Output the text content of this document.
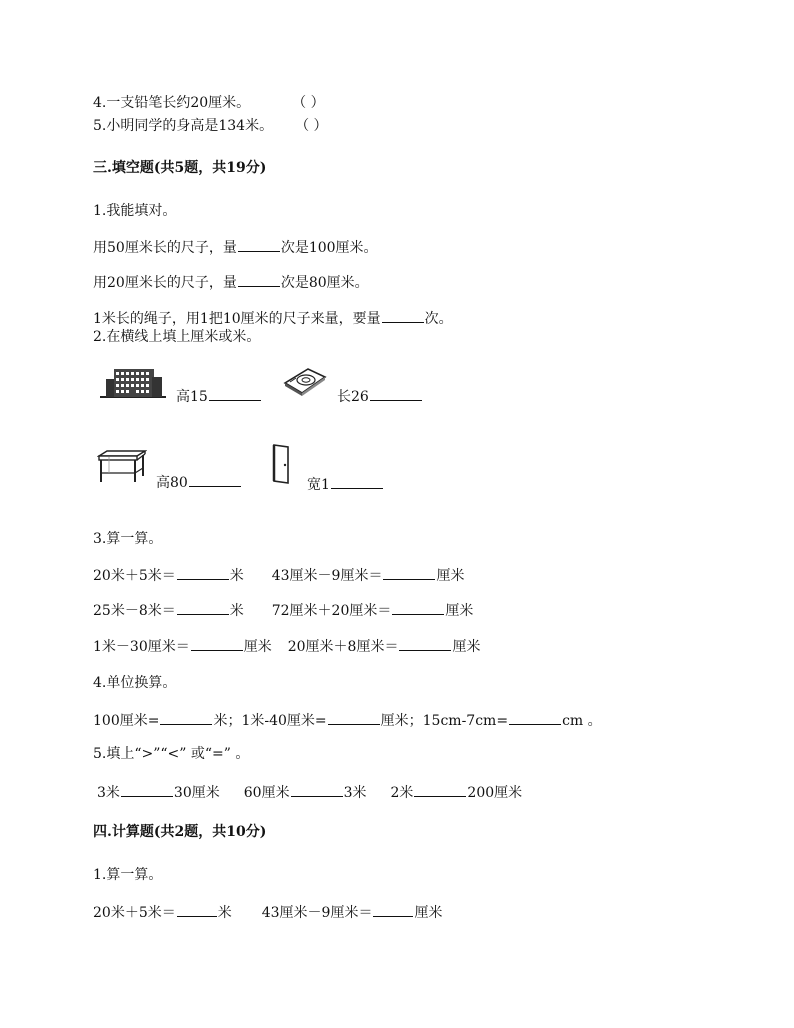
4.一支铅笔长约20厘米。	（ ）
5.小明同学的身高是134米。 （ ）
三.填空题(共5题，共19分)
1.我能填对。
用50厘米长的尺子，量	次是100厘米。
用20厘米长的尺子，量	次是80厘米。
1米长的绳子，用1把10厘米的尺子来量，要量	次。
2.在横线上填上厘米或米。
高15	长26
高80	宽1
3.算一算。
20米＋5米＝	米 43厘米－9厘米＝	厘米
25米－8米＝	米 72厘米＋20厘米＝	厘米
1米－30厘米＝	厘米 20厘米＋8厘米＝	厘米
4.单位换算。
100厘米=	米；1米-40厘米=	厘米；15cm-7cm=	cm 。
5.填上“>”“<” 或“=” 。
3米	30厘米 60厘米	3米 2米	200厘米
四.计算题(共2题，共10分)
1.算一算。
20米＋5米＝	米 43厘米－9厘米＝	厘米
